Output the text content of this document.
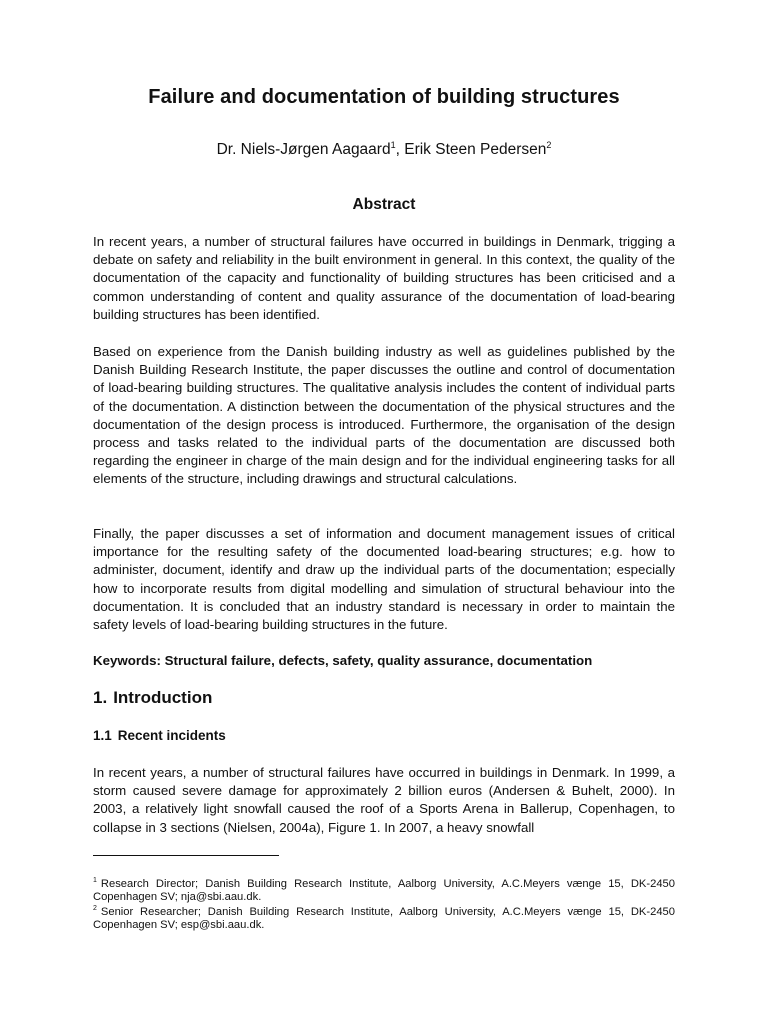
Failure and documentation of building structures

Dr. Niels-Jørgen Aagaard$^1$, Erik Steen Pedersen$^2$

Abstract

In recent years, a number of structural failures have occurred in buildings in Denmark, trigging a debate on safety and reliability in the built environment in general. In this context, the quality of the documentation of the capacity and functionality of building structures has been criticised and a common understanding of content and quality assurance of the documentation of load-bearing building structures has been identified.

Based on experience from the Danish building industry as well as guidelines published by the Danish Building Research Institute, the paper discusses the outline and control of documentation of load-bearing building structures. The qualitative analysis includes the content of individual parts of the documentation. A distinction between the documentation of the physical structures and the documentation of the design process is introduced. Furthermore, the organisation of the design process and tasks related to the individual parts of the documentation are discussed both regarding the engineer in charge of the main design and for the individual engineering tasks for all elements of the structure, including drawings and structural calculations.

Finally, the paper discusses a set of information and document management issues of critical importance for the resulting safety of the documented load-bearing structures; e.g. how to administer, document, identify and draw up the individual parts of the documentation; especially how to incorporate results from digital modelling and simulation of structural behaviour into the documentation. It is concluded that an industry standard is necessary in order to maintain the safety levels of load-bearing building structures in the future.

Keywords: Structural failure, defects, safety, quality assurance, documentation

1. Introduction
1.1 Recent incidents

In recent years, a number of structural failures have occurred in buildings in Denmark. In 1999, a storm caused severe damage for approximately 2 billion euros (Andersen & Buhelt, 2000). In 2003, a relatively light snowfall caused the roof of a Sports Arena in Ballerup, Copenhagen, to collapse in 3 sections (Nielsen, 2004a), Figure 1. In 2007, a heavy snowfall

$^1$ Research Director; Danish Building Research Institute, Aalborg University, A.C.Meyers vænge 15, DK-2450 Copenhagen SV; nja@sbi.aau.dk.

$^2$ Senior Researcher; Danish Building Research Institute, Aalborg University, A.C.Meyers vænge 15, DK-2450 Copenhagen SV; esp@sbi.aau.dk.
